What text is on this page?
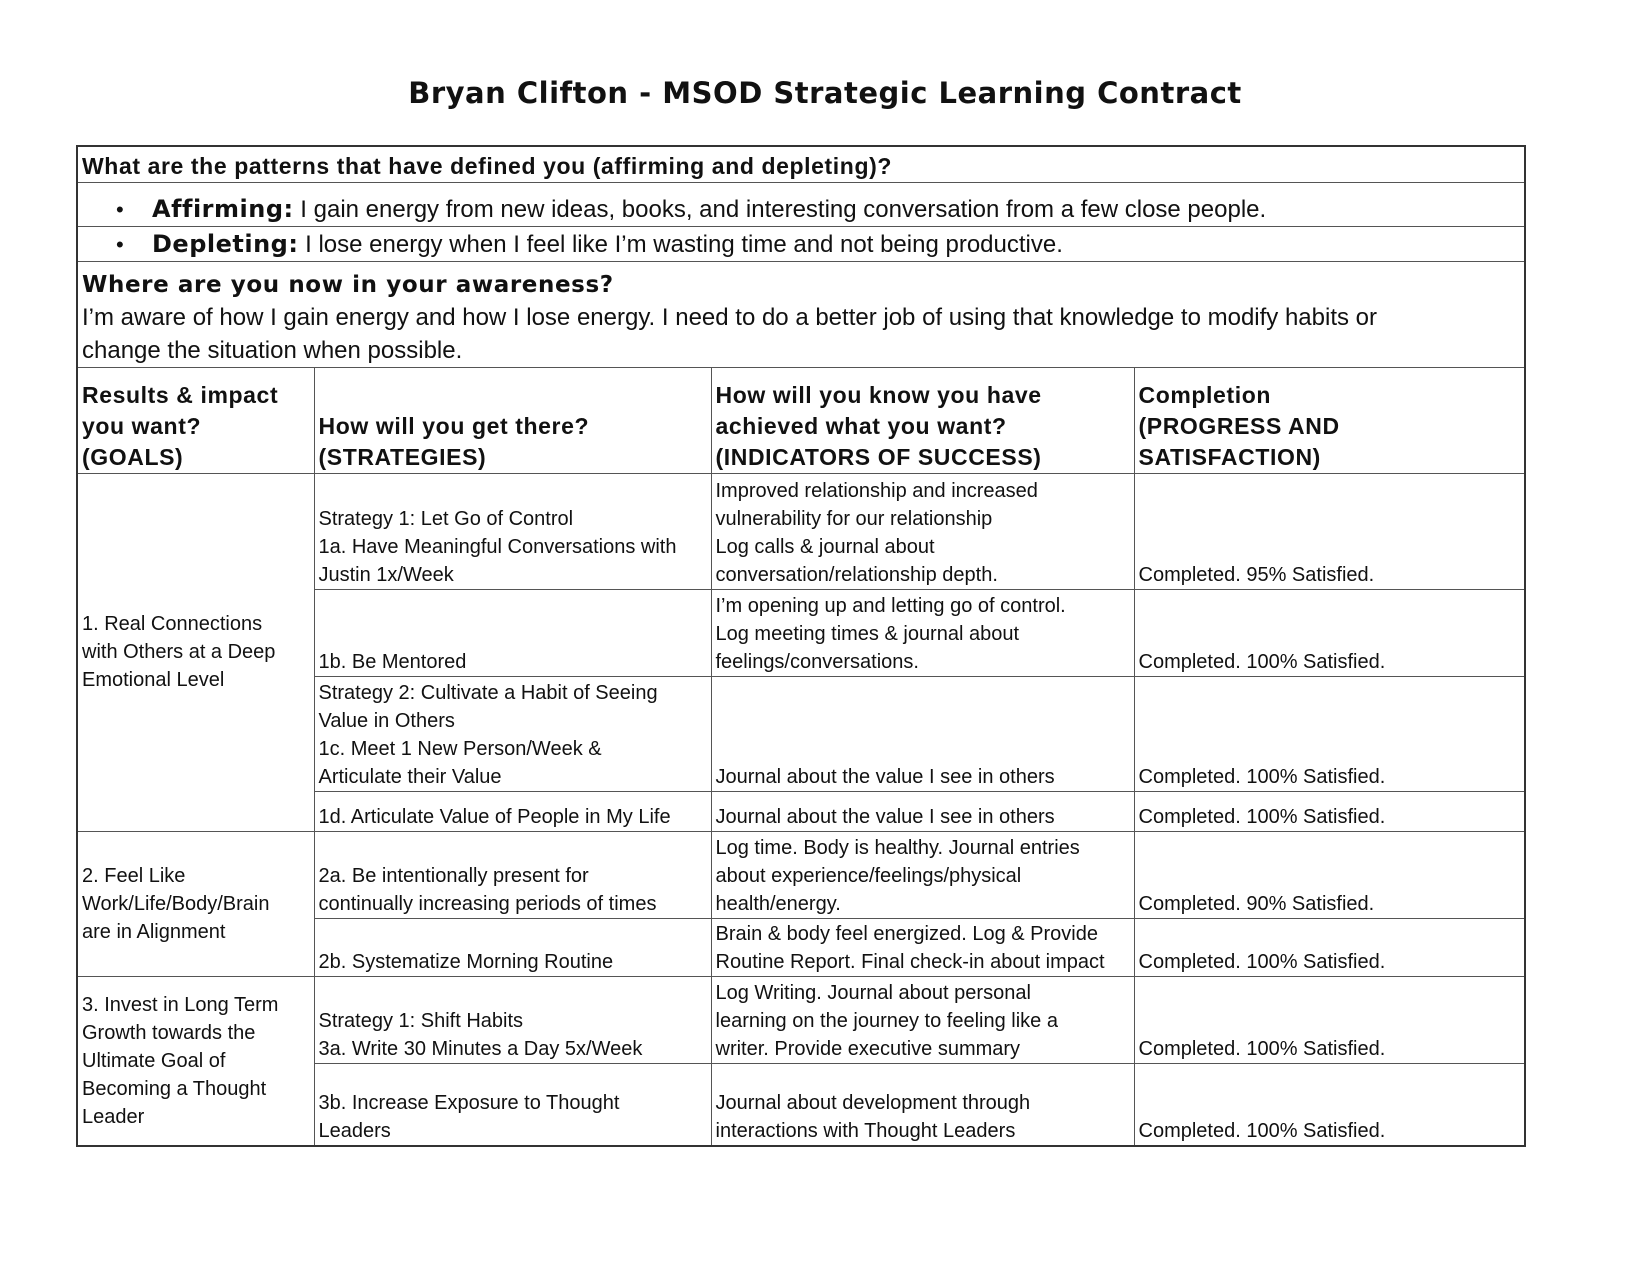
Bryan Clifton - MSOD Strategic Learning Contract
What are the patterns that have defined you (affirming and depleting)?			
• Affirming: I gain energy from new ideas, books, and interesting conversation from a few close people.			
• Depleting: I lose energy when I feel like I’m wasting time and not being productive.			

Where are you now in your awareness?
I’m aware of how I gain energy and how I lose energy. I need to do a better job of using that knowledge to modify habits or
change the situation when possible.			

Results & impact
you want?
(GOALS)	How will you get there?
(STRATEGIES)	How will you know you have
achieved what you want?
(INDICATORS OF SUCCESS)	Completion
(PROGRESS AND
SATISFACTION)

1. Real Connections
with Others at a Deep
Emotional Level	Strategy 1: Let Go of Control
1a. Have Meaningful Conversations with
Justin 1x/Week	Improved relationship and increased
vulnerability for our relationship
Log calls & journal about
conversation/relationship depth.	Completed. 95% Satisfied.

	1b. Be Mentored	I’m opening up and letting go of control.
Log meeting times & journal about
feelings/conversations.	Completed. 100% Satisfied.

	Strategy 2: Cultivate a Habit of Seeing
Value in Others
1c. Meet 1 New Person/Week &
Articulate their Value	Journal about the value I see in others	Completed. 100% Satisfied.

	1d. Articulate Value of People in My Life	Journal about the value I see in others	Completed. 100% Satisfied.

2. Feel Like
Work/Life/Body/Brain
are in Alignment	2a. Be intentionally present for
continually increasing periods of times	Log time. Body is healthy. Journal entries
about experience/feelings/physical
health/energy.	Completed. 90% Satisfied.

	2b. Systematize Morning Routine	Brain & body feel energized. Log & Provide
Routine Report. Final check-in about impact	Completed. 100% Satisfied.

3. Invest in Long Term
Growth towards the
Ultimate Goal of
Becoming a Thought
Leader	Strategy 1: Shift Habits
3a. Write 30 Minutes a Day 5x/Week	Log Writing. Journal about personal
learning on the journey to feeling like a
writer. Provide executive summary	Completed. 100% Satisfied.

	3b. Increase Exposure to Thought
Leaders	Journal about development through
interactions with Thought Leaders	Completed. 100% Satisfied.
